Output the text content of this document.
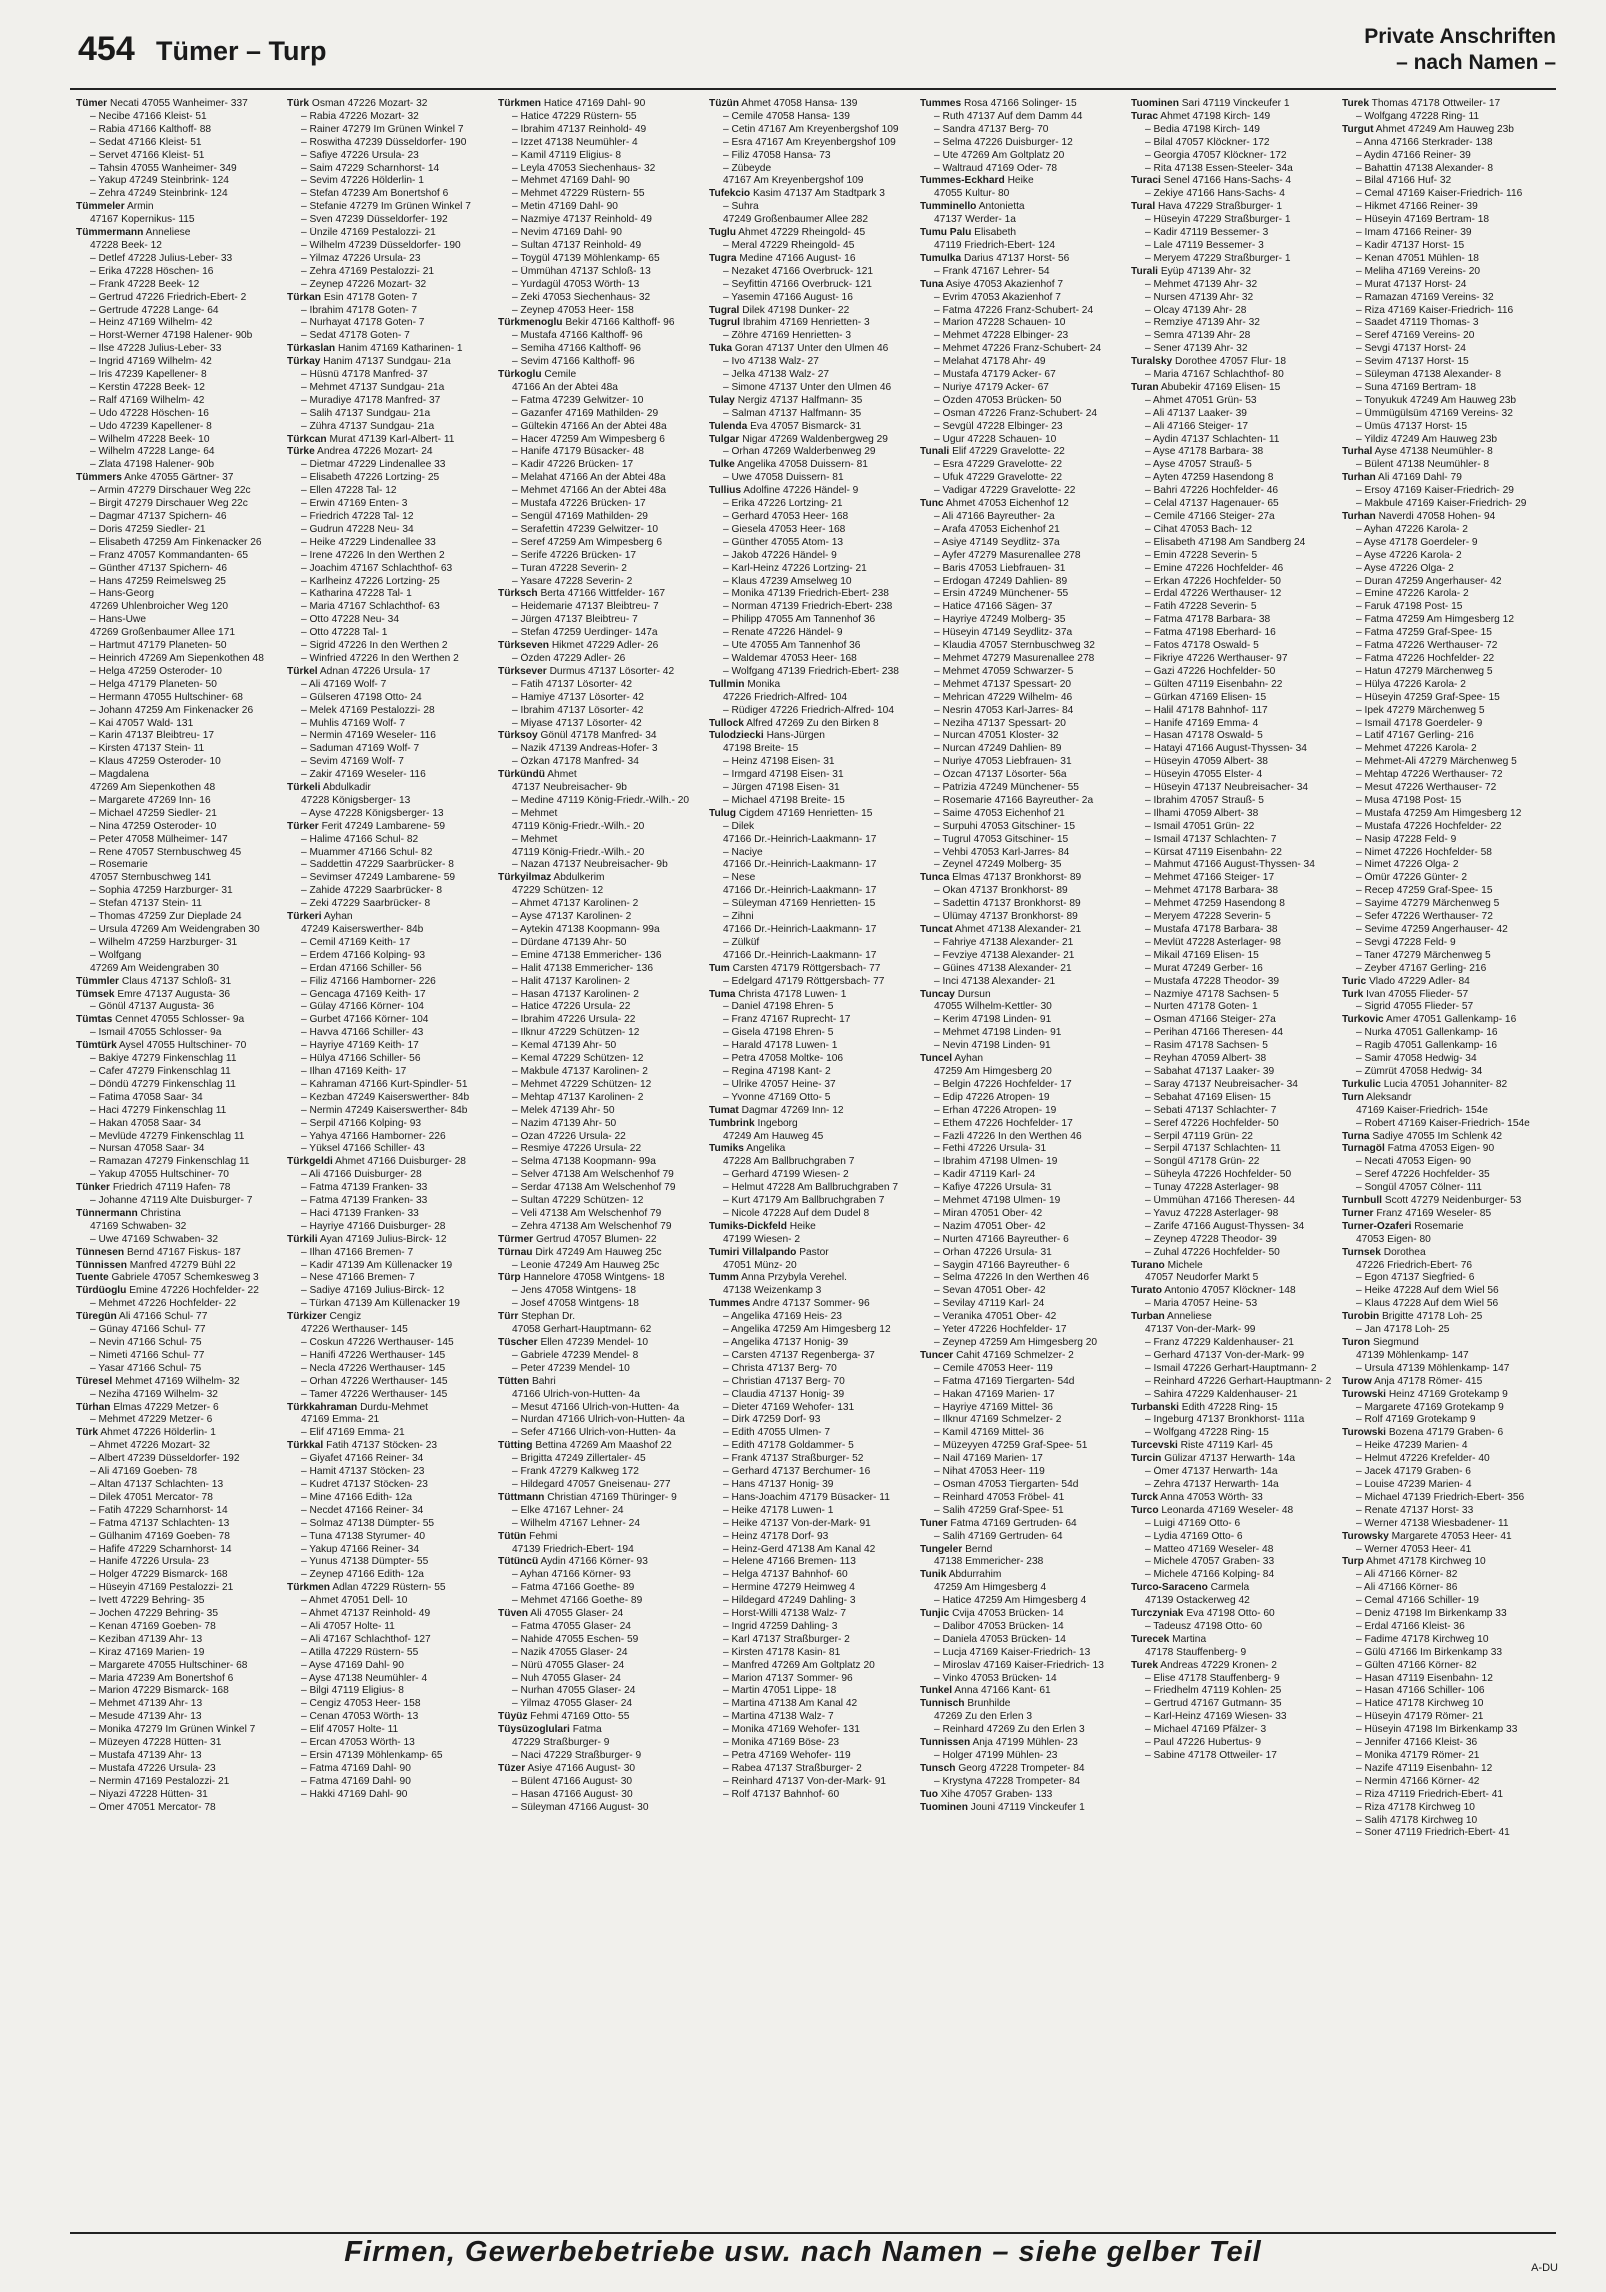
454 Tümer – Turp	Private Anschriften
– nach Namen –
Tümer Necati 47055 Wanheimer- 337
– Necibe 47166 Kleist- 51
– Rabia 47166 Kalthoff- 88
– Sedat 47166 Kleist- 51
– Servet 47166 Kleist- 51
– Tahsin 47055 Wanheimer- 349
– Yakup 47249 Steinbrink- 124
– Zehra 47249 Steinbrink- 124
Tümmeler Armin
47167 Kopernikus- 115
Tümmermann Anneliese
47228 Beek- 12
– Detlef 47228 Julius-Leber- 33
– Erika 47228 Höschen- 16
– Frank 47228 Beek- 12
– Gertrud 47226 Friedrich-Ebert- 2
– Gertrude 47228 Lange- 64
– Heinz 47169 Wilhelm- 42
– Horst-Werner 47198 Halener- 90b
– Ilse 47228 Julius-Leber- 33
– Ingrid 47169 Wilhelm- 42
– Iris 47239 Kapellener- 8
– Kerstin 47228 Beek- 12
– Ralf 47169 Wilhelm- 42
– Udo 47228 Höschen- 16
– Udo 47239 Kapellener- 8
– Wilhelm 47228 Beek- 10
– Wilhelm 47228 Lange- 64
– Zlata 47198 Halener- 90b
Tümmers Anke 47055 Gärtner- 37
– Armin 47279 Dirschauer Weg 22c
– Birgit 47279 Dirschauer Weg 22c
– Dagmar 47137 Spichern- 46
– Doris 47259 Siedler- 21
– Elisabeth 47259 Am Finkenacker 26
– Franz 47057 Kommandanten- 65
– Günther 47137 Spichern- 46
– Hans 47259 Reimelsweg 25
– Hans-Georg
47269 Uhlenbroicher Weg 120
– Hans-Uwe
47269 Großenbaumer Allee 171
– Hartmut 47179 Planeten- 50
– Heinrich 47269 Am Siepenkothen 48
– Helga 47259 Osteroder- 10
– Helga 47179 Planeten- 50
– Hermann 47055 Hultschiner- 68
– Johann 47259 Am Finkenacker 26
– Kai 47057 Wald- 131
– Karin 47137 Bleibtreu- 17
– Kirsten 47137 Stein- 11
– Klaus 47259 Osteroder- 10
– Magdalena
47269 Am Siepenkothen 48
– Margarete 47269 Inn- 16
– Michael 47259 Siedler- 21
– Nina 47259 Osteroder- 10
– Peter 47058 Mülheimer- 147
– Rene 47057 Sternbuschweg 45
– Rosemarie
47057 Sternbuschweg 141
– Sophia 47259 Harzburger- 31
– Stefan 47137 Stein- 11
– Thomas 47259 Zur Dieplade 24
– Ursula 47269 Am Weidengraben 30
– Wilhelm 47259 Harzburger- 31
– Wolfgang
47269 Am Weidengraben 30
Tümmler Claus 47137 Schloß- 31
Tümsek Emre 47137 Augusta- 36
– Gönül 47137 Augusta- 36
Tümtas Cennet 47055 Schlosser- 9a
– Ismail 47055 Schlosser- 9a
Tümtürk Aysel 47055 Hultschiner- 70
– Bakiye 47279 Finkenschlag 11
– Cafer 47279 Finkenschlag 11
– Döndü 47279 Finkenschlag 11
– Fatima 47058 Saar- 34
– Haci 47279 Finkenschlag 11
– Hakan 47058 Saar- 34
– Mevlüde 47279 Finkenschlag 11
– Nursan 47058 Saar- 34
– Ramazan 47279 Finkenschlag 11
– Yakup 47055 Hultschiner- 70
Tünker Friedrich 47119 Hafen- 78
– Johanne 47119 Alte Duisburger- 7
Tünnermann Christina
47169 Schwaben- 32
– Uwe 47169 Schwaben- 32
Tünnesen Bernd 47167 Fiskus- 187
Tünnissen Manfred 47279 Bühl 22
Tuente Gabriele 47057 Schemkesweg 3
Türdüoglu Emine 47226 Hochfelder- 22
– Mehmet 47226 Hochfelder- 22
Türegün Ali 47166 Schul- 77
– Günay 47166 Schul- 77
– Nevin 47166 Schul- 75
– Nimeti 47166 Schul- 77
– Yasar 47166 Schul- 75
Türesel Mehmet 47169 Wilhelm- 32
– Neziha 47169 Wilhelm- 32
Türhan Elmas 47229 Metzer- 6
– Mehmet 47229 Metzer- 6
Türk Ahmet 47226 Hölderlin- 1
– Ahmet 47226 Mozart- 32
– Albert 47239 Düsseldorfer- 192
– Ali 47169 Goeben- 78
– Altan 47137 Schlachten- 13
– Dilek 47051 Mercator- 78
– Fatih 47229 Scharnhorst- 14
– Fatma 47137 Schlachten- 13
– Gülhanim 47169 Goeben- 78
– Hafife 47229 Scharnhorst- 14
– Hanife 47226 Ursula- 23
– Holger 47229 Bismarck- 168
– Hüseyin 47169 Pestalozzi- 21
– Ivett 47229 Behring- 35
– Jochen 47229 Behring- 35
– Kenan 47169 Goeben- 78
– Keziban 47139 Ahr- 13
– Kiraz 47169 Marien- 19
– Margarete 47055 Hultschiner- 68
– Maria 47239 Am Bonertshof 6
– Marion 47229 Bismarck- 168
– Mehmet 47139 Ahr- 13
– Mesude 47139 Ahr- 13
– Monika 47279 Im Grünen Winkel 7
– Müzeyen 47228 Hütten- 31
– Mustafa 47139 Ahr- 13
– Mustafa 47226 Ursula- 23
– Nermin 47169 Pestalozzi- 21
– Niyazi 47228 Hütten- 31
– Ömer 47051 Mercator- 78
Türk Osman 47226 Mozart- 32
– Rabia 47226 Mozart- 32
– Rainer 47279 Im Grünen Winkel 7
– Roswitha 47239 Düsseldorfer- 190
– Safiye 47226 Ursula- 23
– Saim 47229 Scharnhorst- 14
– Sevim 47226 Hölderlin- 1
– Stefan 47239 Am Bonertshof 6
– Stefanie 47279 Im Grünen Winkel 7
– Sven 47239 Düsseldorfer- 192
– Ünzile 47169 Pestalozzi- 21
– Wilhelm 47239 Düsseldorfer- 190
– Yilmaz 47226 Ursula- 23
– Zehra 47169 Pestalozzi- 21
– Zeynep 47226 Mozart- 32
Türkan Esin 47178 Goten- 7
– Ibrahim 47178 Goten- 7
– Nurhayat 47178 Goten- 7
– Sedat 47178 Goten- 7
Türkaslan Hanim 47169 Katharinen- 1
Türkay Hanim 47137 Sundgau- 21a
– Hüsnü 47178 Manfred- 37
– Mehmet 47137 Sundgau- 21a
– Muradiye 47178 Manfred- 37
– Salih 47137 Sundgau- 21a
– Zühra 47137 Sundgau- 21a
Türkcan Murat 47139 Karl-Albert- 11
Türke Andrea 47226 Mozart- 24
– Dietmar 47229 Lindenallee 33
– Elisabeth 47226 Lortzing- 25
– Ellen 47228 Tal- 12
– Erwin 47169 Enten- 3
– Friedrich 47228 Tal- 12
– Gudrun 47228 Neu- 34
– Heike 47229 Lindenallee 33
– Irene 47226 In den Werthen 2
– Joachim 47167 Schlachthof- 63
– Karlheinz 47226 Lortzing- 25
– Katharina 47228 Tal- 1
– Maria 47167 Schlachthof- 63
– Otto 47228 Neu- 34
– Otto 47228 Tal- 1
– Sigrid 47226 In den Werthen 2
– Winfried 47226 In den Werthen 2
Türkel Adnan 47226 Ursula- 17
– Ali 47169 Wolf- 7
– Gülseren 47198 Otto- 24
– Melek 47169 Pestalozzi- 28
– Muhlis 47169 Wolf- 7
– Nermin 47169 Weseler- 116
– Saduman 47169 Wolf- 7
– Sevim 47169 Wolf- 7
– Zakir 47169 Weseler- 116
Türkeli Abdulkadir
47228 Königsberger- 13
– Ayse 47228 Königsberger- 13
Türker Ferit 47249 Lambarene- 59
– Halime 47166 Schul- 82
– Muammer 47166 Schul- 82
– Saddettin 47229 Saarbrücker- 8
– Sevimser 47249 Lambarene- 59
– Zahide 47229 Saarbrücker- 8
– Zeki 47229 Saarbrücker- 8
Türkeri Ayhan
47249 Kaiserswerther- 84b
– Cemil 47169 Keith- 17
– Erdem 47166 Kolping- 93
– Erdan 47166 Schiller- 56
– Filiz 47166 Hamborner- 226
– Gencaga 47169 Keith- 17
– Gülay 47166 Körner- 104
– Gurbet 47166 Körner- 104
– Havva 47166 Schiller- 43
– Hayriye 47169 Keith- 17
– Hülya 47166 Schiller- 56
– Ilhan 47169 Keith- 17
– Kahraman 47166 Kurt-Spindler- 51
– Kezban 47249 Kaiserswerther- 84b
– Nermin 47249 Kaiserswerther- 84b
– Serpil 47166 Kolping- 93
– Yahya 47166 Hamborner- 226
– Yüksel 47166 Schiller- 43
Türkgeldi Ahmet 47166 Duisburger- 28
– Ali 47166 Duisburger- 28
– Fatma 47139 Franken- 33
– Fatma 47139 Franken- 33
– Haci 47139 Franken- 33
– Hayriye 47166 Duisburger- 28
Türkili Ayan 47169 Julius-Birck- 12
– Ilhan 47166 Bremen- 7
– Kadir 47139 Am Küllenacker 19
– Nese 47166 Bremen- 7
– Sadiye 47169 Julius-Birck- 12
– Türkan 47139 Am Küllenacker 19
Türkizer Cengiz
47226 Werthauser- 145
– Coskun 47226 Werthauser- 145
– Hanifi 47226 Werthauser- 145
– Necla 47226 Werthauser- 145
– Orhan 47226 Werthauser- 145
– Tamer 47226 Werthauser- 145
Türkkahraman Durdu-Mehmet
47169 Emma- 21
– Elif 47169 Emma- 21
Türkkal Fatih 47137 Stöcken- 23
– Giyafet 47166 Reiner- 34
– Hamit 47137 Stöcken- 23
– Kudret 47137 Stöcken- 23
– Mine 47166 Edith- 12a
– Necdet 47166 Reiner- 34
– Solmaz 47138 Dümpter- 55
– Tuna 47138 Styrumer- 40
– Yakup 47166 Reiner- 34
– Yunus 47138 Dümpter- 55
– Zeynep 47166 Edith- 12a
Türkmen Adlan 47229 Rüstern- 55
– Ahmet 47051 Dell- 10
– Ahmet 47137 Reinhold- 49
– Ali 47057 Holte- 11
– Ali 47167 Schlachthof- 127
– Atilla 47229 Rüstern- 55
– Ayse 47169 Dahl- 90
– Ayse 47138 Neumühler- 4
– Bilgi 47119 Eligius- 8
– Cengiz 47053 Heer- 158
– Cenan 47053 Wörth- 13
– Elif 47057 Holte- 11
– Ercan 47053 Wörth- 13
– Ersin 47139 Möhlenkamp- 65
– Fatma 47169 Dahl- 90
– Fatma 47169 Dahl- 90
– Hakki 47169 Dahl- 90
Türkmen Hatice 47169 Dahl- 90
– Hatice 47229 Rüstern- 55
– Ibrahim 47137 Reinhold- 49
– Izzet 47138 Neumühler- 4
– Kamil 47119 Eligius- 8
– Leyla 47053 Siechenhaus- 32
– Mehmet 47169 Dahl- 90
– Mehmet 47229 Rüstern- 55
– Metin 47169 Dahl- 90
– Nazmiye 47137 Reinhold- 49
– Nevim 47169 Dahl- 90
– Sultan 47137 Reinhold- 49
– Toygül 47139 Möhlenkamp- 65
– Ümmühan 47137 Schloß- 13
– Yurdagül 47053 Wörth- 13
– Zeki 47053 Siechenhaus- 32
– Zeynep 47053 Heer- 158
Türkmenoglu Bekir 47166 Kalthoff- 96
– Mustafa 47166 Kalthoff- 96
– Semiha 47166 Kalthoff- 96
– Sevim 47166 Kalthoff- 96
Türkoglu Cemile
47166 An der Abtei 48a
– Fatma 47239 Gelwitzer- 10
– Gazanfer 47169 Mathilden- 29
– Gültekin 47166 An der Abtei 48a
– Hacer 47259 Am Wimpesberg 6
– Hanife 47179 Büsacker- 48
– Kadir 47226 Brücken- 17
– Melahat 47166 An der Abtei 48a
– Mehmet 47166 An der Abtei 48a
– Mustafa 47226 Brücken- 17
– Sengül 47169 Mathilden- 29
– Serafettin 47239 Gelwitzer- 10
– Seref 47259 Am Wimpesberg 6
– Serife 47226 Brücken- 17
– Turan 47228 Severin- 2
– Yasare 47228 Severin- 2
Türksch Berta 47166 Wittfelder- 167
– Heidemarie 47137 Bleibtreu- 7
– Jürgen 47137 Bleibtreu- 7
– Stefan 47259 Uerdinger- 147a
Türkseven Hikmet 47229 Adler- 26
– Özden 47229 Adler- 26
Türksever Durmus 47137 Lösorter- 42
– Fatih 47137 Lösorter- 42
– Hamiye 47137 Lösorter- 42
– Ibrahim 47137 Lösorter- 42
– Miyase 47137 Lösorter- 42
Türksoy Gönül 47178 Manfred- 34
– Nazik 47139 Andreas-Hofer- 3
– Özkan 47178 Manfred- 34
Türkündü Ahmet
47137 Neubreisacher- 9b
– Medine 47119 König-Friedr.-Wilh.- 20
– Mehmet
47119 König-Friedr.-Wilh.- 20
– Mehmet
47119 König-Friedr.-Wilh.- 20
– Nazan 47137 Neubreisacher- 9b
Türkyilmaz Abdulkerim
47229 Schützen- 12
– Ahmet 47137 Karolinen- 2
– Ayse 47137 Karolinen- 2
– Aytekin 47138 Koopmann- 99a
– Dürdane 47139 Ahr- 50
– Emine 47138 Emmericher- 136
– Halit 47138 Emmericher- 136
– Halit 47137 Karolinen- 2
– Hasan 47137 Karolinen- 2
– Hatice 47226 Ursula- 22
– Ibrahim 47226 Ursula- 22
– Ilknur 47229 Schützen- 12
– Kemal 47139 Ahr- 50
– Kemal 47229 Schützen- 12
– Makbule 47137 Karolinen- 2
– Mehmet 47229 Schützen- 12
– Mehtap 47137 Karolinen- 2
– Melek 47139 Ahr- 50
– Nazim 47139 Ahr- 50
– Ozan 47226 Ursula- 22
– Resmiye 47226 Ursula- 22
– Selma 47138 Koopmann- 99a
– Selver 47138 Am Welschenhof 79
– Serdar 47138 Am Welschenhof 79
– Sultan 47229 Schützen- 12
– Veli 47138 Am Welschenhof 79
– Zehra 47138 Am Welschenhof 79
Türmer Gertrud 47057 Blumen- 22
Türnau Dirk 47249 Am Hauweg 25c
– Leonie 47249 Am Hauweg 25c
Türp Hannelore 47058 Wintgens- 18
– Jens 47058 Wintgens- 18
– Josef 47058 Wintgens- 18
Türr Stephan Dr.
47058 Gerhart-Hauptmann- 62
Tüscher Ellen 47239 Mendel- 10
– Gabriele 47239 Mendel- 8
– Peter 47239 Mendel- 10
Tütten Bahri
47166 Ulrich-von-Hutten- 4a
– Mesut 47166 Ulrich-von-Hutten- 4a
– Nurdan 47166 Ulrich-von-Hutten- 4a
– Sefer 47166 Ulrich-von-Hutten- 4a
Tütting Bettina 47269 Am Maashof 22
– Brigitta 47249 Zillertaler- 45
– Frank 47279 Kalkweg 172
– Hildegard 47057 Gneisenau- 277
Tüttmann Christian 47169 Thüringer- 9
– Elke 47167 Lehner- 24
– Wilhelm 47167 Lehner- 24
Tütün Fehmi
47139 Friedrich-Ebert- 194
Tütüncü Aydin 47166 Körner- 93
– Ayhan 47166 Körner- 93
– Fatma 47166 Goethe- 89
– Mehmet 47166 Goethe- 89
Tüven Ali 47055 Glaser- 24
– Fatma 47055 Glaser- 24
– Nahide 47055 Eschen- 59
– Nazik 47055 Glaser- 24
– Nürü 47055 Glaser- 24
– Nuh 47055 Glaser- 24
– Nurhan 47055 Glaser- 24
– Yilmaz 47055 Glaser- 24
Tüyüz Fehmi 47169 Otto- 55
Tüysüzoglulari Fatma
47229 Straßburger- 9
– Naci 47229 Straßburger- 9
Tüzer Asiye 47166 August- 30
– Bülent 47166 August- 30
– Hasan 47166 August- 30
– Süleyman 47166 August- 30
Tüzün Ahmet 47058 Hansa- 139
– Cemile 47058 Hansa- 139
– Cetin 47167 Am Kreyenbergshof 109
– Esra 47167 Am Kreyenbergshof 109
– Filiz 47058 Hansa- 73
– Zübeyde
47167 Am Kreyenbergshof 109
Tufekcio Kasim 47137 Am Stadtpark 3
– Suhra
47249 Großenbaumer Allee 282
Tuglu Ahmet 47229 Rheingold- 45
– Meral 47229 Rheingold- 45
Tugra Medine 47166 August- 16
– Nezaket 47166 Overbruck- 121
– Seyfittin 47166 Overbruck- 121
– Yasemin 47166 August- 16
Tugral Dilek 47198 Dunker- 22
Tugrul Ibrahim 47169 Henrietten- 3
– Zöhre 47169 Henrietten- 3
Tuka Goran 47137 Unter den Ulmen 46
– Ivo 47138 Walz- 27
– Jelka 47138 Walz- 27
– Simone 47137 Unter den Ulmen 46
Tulay Nergiz 47137 Halfmann- 35
– Salman 47137 Halfmann- 35
Tulenda Eva 47057 Bismarck- 31
Tulgar Nigar 47269 Waldenbergweg 29
– Orhan 47269 Walderbenweg 29
Tulke Angelika 47058 Duissern- 81
– Uwe 47058 Duissern- 81
Tullius Adolfine 47226 Händel- 9
– Erika 47226 Lortzing- 21
– Gerhard 47053 Heer- 168
– Giesela 47053 Heer- 168
– Günther 47055 Atom- 13
– Jakob 47226 Händel- 9
– Karl-Heinz 47226 Lortzing- 21
– Klaus 47239 Amselweg 10
– Monika 47139 Friedrich-Ebert- 238
– Norman 47139 Friedrich-Ebert- 238
– Philipp 47055 Am Tannenhof 36
– Renate 47226 Händel- 9
– Ute 47055 Am Tannenhof 36
– Waldemar 47053 Heer- 168
– Wolfgang 47139 Friedrich-Ebert- 238
Tullmin Monika
47226 Friedrich-Alfred- 104
– Rüdiger 47226 Friedrich-Alfred- 104
Tullock Alfred 47269 Zu den Birken 8
Tulodziecki Hans-Jürgen
47198 Breite- 15
– Heinz 47198 Eisen- 31
– Irmgard 47198 Eisen- 31
– Jürgen 47198 Eisen- 31
– Michael 47198 Breite- 15
Tulug Cigdem 47169 Henrietten- 15
– Dilek
47166 Dr.-Heinrich-Laakmann- 17
– Naciye
47166 Dr.-Heinrich-Laakmann- 17
– Nese
47166 Dr.-Heinrich-Laakmann- 17
– Süleyman 47169 Henrietten- 15
– Zihni
47166 Dr.-Heinrich-Laakmann- 17
– Zülküf
47166 Dr.-Heinrich-Laakmann- 17
Tum Carsten 47179 Röttgersbach- 77
– Edelgard 47179 Röttgersbach- 77
Tuma Christa 47178 Luwen- 1
– Daniel 47198 Ehren- 5
– Franz 47167 Ruprecht- 17
– Gisela 47198 Ehren- 5
– Harald 47178 Luwen- 1
– Petra 47058 Moltke- 106
– Regina 47198 Kant- 2
– Ulrike 47057 Heine- 37
– Yvonne 47169 Otto- 5
Tumat Dagmar 47269 Inn- 12
Tumbrink Ingeborg
47249 Am Hauweg 45
Tumiks Angelika
47228 Am Ballbruchgraben 7
– Gerhard 47199 Wiesen- 2
– Helmut 47228 Am Ballbruchgraben 7
– Kurt 47179 Am Ballbruchgraben 7
– Nicole 47228 Auf dem Dudel 8
Tumiks-Dickfeld Heike
47199 Wiesen- 2
Tumiri Villalpando Pastor
47051 Münz- 20
Tumm Anna Przybyla Verehel.
47138 Weizenkamp 3
Tummes Andre 47137 Sommer- 96
– Angelika 47169 Heis- 23
– Angelika 47259 Am Himgesberg 12
– Angelika 47137 Honig- 39
– Carsten 47137 Regenberga- 37
– Christa 47137 Berg- 70
– Christian 47137 Berg- 70
– Claudia 47137 Honig- 39
– Dieter 47169 Wehofer- 131
– Dirk 47259 Dorf- 93
– Edith 47055 Ulmen- 7
– Edith 47178 Goldammer- 5
– Frank 47137 Straßburger- 52
– Gerhard 47137 Berchumer- 16
– Hans 47137 Honig- 39
– Hans-Joachim 47179 Büsacker- 11
– Heike 47178 Luwen- 1
– Heike 47137 Von-der-Mark- 91
– Heinz 47178 Dorf- 93
– Heinz-Gerd 47138 Am Kanal 42
– Helene 47166 Bremen- 113
– Helga 47137 Bahnhof- 60
– Hermine 47279 Heimweg 4
– Hildegard 47249 Dahling- 3
– Horst-Willi 47138 Walz- 7
– Ingrid 47259 Dahling- 3
– Karl 47137 Straßburger- 2
– Kirsten 47178 Kasin- 81
– Manfred 47269 Am Goltplatz 20
– Marion 47137 Sommer- 96
– Martin 47051 Lippe- 18
– Martina 47138 Am Kanal 42
– Martina 47138 Walz- 7
– Monika 47169 Wehofer- 131
– Monika 47169 Böse- 23
– Petra 47169 Wehofer- 119
– Rabea 47137 Straßburger- 2
– Reinhard 47137 Von-der-Mark- 91
– Rolf 47137 Bahnhof- 60
Tummes Rosa 47166 Solinger- 15
– Ruth 47137 Auf dem Damm 44
– Sandra 47137 Berg- 70
– Selma 47226 Duisburger- 12
– Ute 47269 Am Goltplatz 20
– Waltraud 47169 Oder- 78
Tummes-Eckhard Heike
47055 Kultur- 80
Tumminello Antonietta
47137 Werder- 1a
Tumu Palu Elisabeth
47119 Friedrich-Ebert- 124
Tumulka Darius 47137 Horst- 56
– Frank 47167 Lehrer- 54
Tuna Asiye 47053 Akazienhof 7
– Evrim 47053 Akazienhof 7
– Fatma 47226 Franz-Schubert- 24
– Marion 47228 Schauen- 10
– Mehmet 47228 Elbinger- 23
– Mehmet 47226 Franz-Schubert- 24
– Melahat 47178 Ahr- 49
– Mustafa 47179 Acker- 67
– Nuriye 47179 Acker- 67
– Özden 47053 Brücken- 50
– Osman 47226 Franz-Schubert- 24
– Sevgül 47228 Elbinger- 23
– Ugur 47228 Schauen- 10
Tunali Elif 47229 Gravelotte- 22
– Esra 47229 Gravelotte- 22
– Ufuk 47229 Gravelotte- 22
– Vadigar 47229 Gravelotte- 22
Tunc Ahmet 47053 Eichenhof 12
– Ali 47166 Bayreuther- 2a
– Arafa 47053 Eichenhof 21
– Asiye 47149 Seydlitz- 37a
– Ayfer 47279 Masurenallee 278
– Baris 47053 Liebfrauen- 31
– Erdogan 47249 Dahlien- 89
– Ersin 47249 Münchener- 55
– Hatice 47166 Sägen- 37
– Hayriye 47249 Molberg- 35
– Hüseyin 47149 Seydlitz- 37a
– Klaudia 47057 Sternbuschweg 32
– Mehmet 47279 Masurenallee 278
– Mehmet 47059 Schwarzer- 5
– Mehmet 47137 Spessart- 20
– Mehrican 47229 Wilhelm- 46
– Nesrin 47053 Karl-Jarres- 84
– Neziha 47137 Spessart- 20
– Nurcan 47051 Kloster- 32
– Nurcan 47249 Dahlien- 89
– Nuriye 47053 Liebfrauen- 31
– Özcan 47137 Lösorter- 56a
– Patrizia 47249 Münchener- 55
– Rosemarie 47166 Bayreuther- 2a
– Saime 47053 Eichenhof 21
– Surpuhi 47053 Gitschiner- 15
– Tugrul 47053 Gitschiner- 15
– Vehbi 47053 Karl-Jarres- 84
– Zeynel 47249 Molberg- 35
Tunca Elmas 47137 Bronkhorst- 89
– Okan 47137 Bronkhorst- 89
– Sadettin 47137 Bronkhorst- 89
– Ülümay 47137 Bronkhorst- 89
Tuncat Ahmet 47138 Alexander- 21
– Fahriye 47138 Alexander- 21
– Fevziye 47138 Alexander- 21
– Güines 47138 Alexander- 21
– Inci 47138 Alexander- 21
Tuncay Dursun
47055 Wilhelm-Kettler- 30
– Kerim 47198 Linden- 91
– Mehmet 47198 Linden- 91
– Nevin 47198 Linden- 91
Tuncel Ayhan
47259 Am Himgesberg 20
– Belgin 47226 Hochfelder- 17
– Edip 47226 Atropen- 19
– Erhan 47226 Atropen- 19
– Ethem 47226 Hochfelder- 17
– Fazli 47226 In den Werthen 46
– Fethi 47226 Ursula- 31
– Ibrahim 47198 Ulmen- 19
– Kadir 47119 Karl- 24
– Kafiye 47226 Ursula- 31
– Mehmet 47198 Ulmen- 19
– Miran 47051 Ober- 42
– Nazim 47051 Ober- 42
– Nurten 47166 Bayreuther- 6
– Orhan 47226 Ursula- 31
– Saygin 47166 Bayreuther- 6
– Selma 47226 In den Werthen 46
– Sevan 47051 Ober- 42
– Sevilay 47119 Karl- 24
– Veranika 47051 Ober- 42
– Yeter 47226 Hochfelder- 17
– Zeynep 47259 Am Himgesberg 20
Tuncer Cahit 47169 Schmelzer- 2
– Cemile 47053 Heer- 119
– Fatma 47169 Tiergarten- 54d
– Hakan 47169 Marien- 17
– Hayriye 47169 Mittel- 36
– Ilknur 47169 Schmelzer- 2
– Kamil 47169 Mittel- 36
– Müzeyyen 47259 Graf-Spee- 51
– Nail 47169 Marien- 17
– Nihat 47053 Heer- 119
– Osman 47053 Tiergarten- 54d
– Reinhard 47053 Fröbel- 41
– Salih 47259 Graf-Spee- 51
Tuner Fatma 47169 Gertruden- 64
– Salih 47169 Gertruden- 64
Tungeler Bernd
47138 Emmericher- 238
Tunik Abdurrahim
47259 Am Himgesberg 4
– Hatice 47259 Am Himgesberg 4
Tunjic Cvija 47053 Brücken- 14
– Dalibor 47053 Brücken- 14
– Daniela 47053 Brücken- 14
– Lucja 47169 Kaiser-Friedrich- 13
– Miroslav 47169 Kaiser-Friedrich- 13
– Vinko 47053 Brücken- 14
Tunkel Anna 47166 Kant- 61
Tunnisch Brunhilde
47269 Zu den Erlen 3
– Reinhard 47269 Zu den Erlen 3
Tunnissen Anja 47199 Mühlen- 23
– Holger 47199 Mühlen- 23
Tunsch Georg 47228 Trompeter- 84
– Krystyna 47228 Trompeter- 84
Tuo Xihe 47057 Graben- 133
Tuominen Jouni 47119 Vinckeufer 1
Tuominen Sari 47119 Vinckeufer 1
Turac Ahmet 47198 Kirch- 149
– Bedia 47198 Kirch- 149
– Bilal 47057 Klöckner- 172
– Georgia 47057 Klöckner- 172
– Rita 47138 Essen-Steeler- 34a
Turaci Senel 47166 Hans-Sachs- 4
– Zekiye 47166 Hans-Sachs- 4
Tural Hava 47229 Straßburger- 1
– Hüseyin 47229 Straßburger- 1
– Kadir 47119 Bessemer- 3
– Lale 47119 Bessemer- 3
– Meryem 47229 Straßburger- 1
Turali Eyüp 47139 Ahr- 32
– Mehmet 47139 Ahr- 32
– Nursen 47139 Ahr- 32
– Olcay 47139 Ahr- 28
– Remziye 47139 Ahr- 32
– Semra 47139 Ahr- 28
– Sener 47139 Ahr- 32
Turalsky Dorothee 47057 Flur- 18
– Maria 47167 Schlachthof- 80
Turan Abubekir 47169 Elisen- 15
– Ahmet 47051 Grün- 53
– Ali 47137 Laaker- 39
– Ali 47166 Steiger- 17
– Aydin 47137 Schlachten- 11
– Ayse 47178 Barbara- 38
– Ayse 47057 Strauß- 5
– Ayten 47259 Hasendong 8
– Bahri 47226 Hochfelder- 46
– Celal 47137 Hagenauer- 65
– Cemile 47166 Steiger- 27a
– Cihat 47053 Bach- 12
– Elisabeth 47198 Am Sandberg 24
– Emin 47228 Severin- 5
– Emine 47226 Hochfelder- 46
– Erkan 47226 Hochfelder- 50
– Erdal 47226 Werthauser- 12
– Fatih 47228 Severin- 5
– Fatma 47178 Barbara- 38
– Fatma 47198 Eberhard- 16
– Fatos 47178 Oswald- 5
– Fikriye 47226 Werthauser- 97
– Gazi 47226 Hochfelder- 50
– Gülten 47119 Eisenbahn- 22
– Gürkan 47169 Elisen- 15
– Halil 47178 Bahnhof- 117
– Hanife 47169 Emma- 4
– Hasan 47178 Oswald- 5
– Hatayi 47166 August-Thyssen- 34
– Hüseyin 47059 Albert- 38
– Hüseyin 47055 Elster- 4
– Hüseyin 47137 Neubreisacher- 34
– Ibrahim 47057 Strauß- 5
– Ilhami 47059 Albert- 38
– Ismail 47051 Grün- 22
– Ismail 47137 Schlachten- 7
– Kürsat 47119 Eisenbahn- 22
– Mahmut 47166 August-Thyssen- 34
– Mehmet 47166 Steiger- 17
– Mehmet 47178 Barbara- 38
– Mehmet 47259 Hasendong 8
– Meryem 47228 Severin- 5
– Mustafa 47178 Barbara- 38
– Mevlüt 47228 Asterlager- 98
– Mikail 47169 Elisen- 15
– Murat 47249 Gerber- 16
– Mustafa 47228 Theodor- 39
– Nazmiye 47178 Sachsen- 5
– Nurten 47178 Goten- 1
– Osman 47166 Steiger- 27a
– Perihan 47166 Theresen- 44
– Rasim 47178 Sachsen- 5
– Reyhan 47059 Albert- 38
– Sabahat 47137 Laaker- 39
– Saray 47137 Neubreisacher- 34
– Sebahat 47169 Elisen- 15
– Sebati 47137 Schlachter- 7
– Seref 47226 Hochfelder- 50
– Serpil 47119 Grün- 22
– Serpil 47137 Schlachten- 11
– Songül 47178 Grün- 22
– Süheyla 47226 Hochfelder- 50
– Tunay 47228 Asterlager- 98
– Ümmühan 47166 Theresen- 44
– Yavuz 47228 Asterlager- 98
– Zarife 47166 August-Thyssen- 34
– Zeynep 47228 Theodor- 39
– Zuhal 47226 Hochfelder- 50
Turano Michele
47057 Neudorfer Markt 5
Turato Antonio 47057 Klöckner- 148
– Maria 47057 Heine- 53
Turban Anneliese
47137 Von-der-Mark- 99
– Franz 47229 Kaldenhauser- 21
– Gerhard 47137 Von-der-Mark- 99
– Ismail 47226 Gerhart-Hauptmann- 2
– Reinhard 47226 Gerhart-Hauptmann- 2
– Sahira 47229 Kaldenhauser- 21
Turbanski Edith 47228 Ring- 15
– Ingeburg 47137 Bronkhorst- 111a
– Wolfgang 47228 Ring- 15
Turcevski Riste 47119 Karl- 45
Turcin Gülizar 47137 Herwarth- 14a
– Ömer 47137 Herwarth- 14a
– Zehra 47137 Herwarth- 14a
Turck Anna 47053 Wörth- 33
Turco Leonarda 47169 Weseler- 48
– Luigi 47169 Otto- 6
– Lydia 47169 Otto- 6
– Matteo 47169 Weseler- 48
– Michele 47057 Graben- 33
– Michele 47166 Kolping- 84
Turco-Saraceno Carmela
47139 Ostackerweg 42
Turczyniak Eva 47198 Otto- 60
– Tadeusz 47198 Otto- 60
Turecek Martina
47178 Stauffenberg- 9
Turek Andreas 47229 Kronen- 2
– Elise 47178 Stauffenberg- 9
– Friedhelm 47119 Kohlen- 25
– Gertrud 47167 Gutmann- 35
– Karl-Heinz 47169 Wiesen- 33
– Michael 47169 Pfälzer- 3
– Paul 47226 Hubertus- 9
– Sabine 47178 Ottweiler- 17
Turek Thomas 47178 Ottweiler- 17
– Wolfgang 47228 Ring- 11
Turgut Ahmet 47249 Am Hauweg 23b
– Anna 47166 Sterkrader- 138
– Aydin 47166 Reiner- 39
– Bahattin 47138 Alexander- 8
– Bilal 47166 Huf- 32
– Cemal 47169 Kaiser-Friedrich- 116
– Hikmet 47166 Reiner- 39
– Hüseyin 47169 Bertram- 18
– Imam 47166 Reiner- 39
– Kadir 47137 Horst- 15
– Kenan 47051 Mühlen- 18
– Meliha 47169 Vereins- 20
– Murat 47137 Horst- 24
– Ramazan 47169 Vereins- 32
– Riza 47169 Kaiser-Friedrich- 116
– Saadet 47119 Thomas- 3
– Seref 47169 Vereins- 20
– Sevgi 47137 Horst- 24
– Sevim 47137 Horst- 15
– Süleyman 47138 Alexander- 8
– Suna 47169 Bertram- 18
– Tonyukuk 47249 Am Hauweg 23b
– Ümmügülsüm 47169 Vereins- 32
– Ümüs 47137 Horst- 15
– Yildiz 47249 Am Hauweg 23b
Turhal Ayse 47138 Neumühler- 8
– Bülent 47138 Neumühler- 8
Turhan Ali 47169 Dahl- 79
– Ersoy 47169 Kaiser-Friedrich- 29
– Makbule 47169 Kaiser-Friedrich- 29
Turhan Naverdi 47058 Hohen- 94
– Ayhan 47226 Karola- 2
– Ayse 47178 Goerdeler- 9
– Ayse 47226 Karola- 2
– Ayse 47226 Olga- 2
– Duran 47259 Angerhauser- 42
– Emine 47226 Karola- 2
– Faruk 47198 Post- 15
– Fatma 47259 Am Himgesberg 12
– Fatma 47259 Graf-Spee- 15
– Fatma 47226 Werthauser- 72
– Fatma 47226 Hochfelder- 22
– Hatun 47279 Märchenweg 5
– Hülya 47226 Karola- 2
– Hüseyin 47259 Graf-Spee- 15
– Ipek 47279 Märchenweg 5
– Ismail 47178 Goerdeler- 9
– Latif 47167 Gerling- 216
– Mehmet 47226 Karola- 2
– Mehmet-Ali 47279 Märchenweg 5
– Mehtap 47226 Werthauser- 72
– Mesut 47226 Werthauser- 72
– Musa 47198 Post- 15
– Mustafa 47259 Am Himgesberg 12
– Mustafa 47226 Hochfelder- 22
– Nasip 47228 Feld- 9
– Nimet 47226 Hochfelder- 58
– Nimet 47226 Olga- 2
– Ömür 47226 Günter- 2
– Recep 47259 Graf-Spee- 15
– Sayime 47279 Märchenweg 5
– Sefer 47226 Werthauser- 72
– Sevime 47259 Angerhauser- 42
– Sevgi 47228 Feld- 9
– Taner 47279 Märchenweg 5
– Zeyber 47167 Gerling- 216
Turic Vlado 47229 Adler- 84
Turk Ivan 47055 Flieder- 57
– Sigrid 47055 Flieder- 57
Turkovic Amer 47051 Gallenkamp- 16
– Nurka 47051 Gallenkamp- 16
– Ragib 47051 Gallenkamp- 16
– Samir 47058 Hedwig- 34
– Zümrüt 47058 Hedwig- 34
Turkulic Lucia 47051 Johanniter- 82
Turn Aleksandr
47169 Kaiser-Friedrich- 154e
– Robert 47169 Kaiser-Friedrich- 154e
Turna Sadiye 47055 Im Schlenk 42
Turnagöl Fatma 47053 Eigen- 90
– Necati 47053 Eigen- 90
– Seref 47226 Hochfelder- 35
– Songül 47057 Cölner- 111
Turnbull Scott 47279 Neidenburger- 53
Turner Franz 47169 Weseler- 85
Turner-Özaferi Rosemarie
47053 Eigen- 80
Turnsek Dorothea
47226 Friedrich-Ebert- 76
– Egon 47137 Siegfried- 6
– Heike 47228 Auf dem Wiel 56
– Klaus 47228 Auf dem Wiel 56
Turobin Brigitte 47178 Loh- 25
– Jan 47178 Loh- 25
Turon Siegmund
47139 Möhlenkamp- 147
– Ursula 47139 Möhlenkamp- 147
Turow Anja 47178 Römer- 415
Turowski Heinz 47169 Grotekamp 9
– Margarete 47169 Grotekamp 9
– Rolf 47169 Grotekamp 9
Turowski Bozena 47179 Graben- 6
– Heike 47239 Marien- 4
– Helmut 47226 Krefelder- 40
– Jacek 47179 Graben- 6
– Louise 47239 Marien- 4
– Michael 47139 Friedrich-Ebert- 356
– Renate 47137 Horst- 33
– Werner 47138 Wiesbadener- 11
Turowsky Margarete 47053 Heer- 41
– Werner 47053 Heer- 41
Turp Ahmet 47178 Kirchweg 10
– Ali 47166 Körner- 82
– Ali 47166 Körner- 86
– Cemal 47166 Schiller- 19
– Deniz 47198 Im Birkenkamp 33
– Erdal 47166 Kleist- 36
– Fadime 47178 Kirchweg 10
– Gülü 47166 Im Birkenkamp 33
– Gülten 47166 Körner- 82
– Hasan 47119 Eisenbahn- 12
– Hasan 47166 Schiller- 106
– Hatice 47178 Kirchweg 10
– Hüseyin 47179 Römer- 21
– Hüseyin 47198 Im Birkenkamp 33
– Jennifer 47166 Kleist- 36
– Monika 47179 Römer- 21
– Nazife 47119 Eisenbahn- 12
– Nermin 47166 Körner- 42
– Riza 47119 Friedrich-Ebert- 41
– Riza 47178 Kirchweg 10
– Salih 47178 Kirchweg 10
– Soner 47119 Friedrich-Ebert- 41
Firmen, Gewerbebetriebe usw. nach Namen – siehe gelber Teil	A-DU
